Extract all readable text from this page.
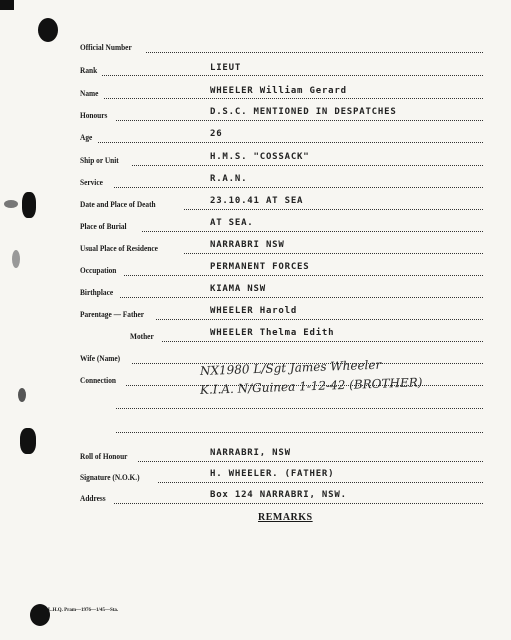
Official Number
Rank	LIEUT
Name	WHEELER William Gerard
Honours	D.S.C. MENTIONED IN DESPATCHES
Age	26
Ship or Unit	H.M.S. "COSSACK"
Service	R.A.N.
Date and Place of Death	23.10.41 AT SEA
Place of Burial	AT SEA.
Usual Place of Residence	NARRABRI NSW
Occupation	PERMANENT FORCES
Birthplace	KIAMA NSW
Parentage — Father	WHEELER Harold
Mother	WHEELER Thelma Edith
Wife (Name)
Connection
NX1980 L/Sgt James Wheeler
K.I.A. N/Guinea 1-12-42 (BROTHER)
Roll of Honour	NARRABRI, NSW
Signature (N.O.K.)	H. WHEELER. (FATHER)
Address	Box 124 NARRABRI, NSW.
REMARKS
L.H.Q. Pram—1976—1/45—Sta.
